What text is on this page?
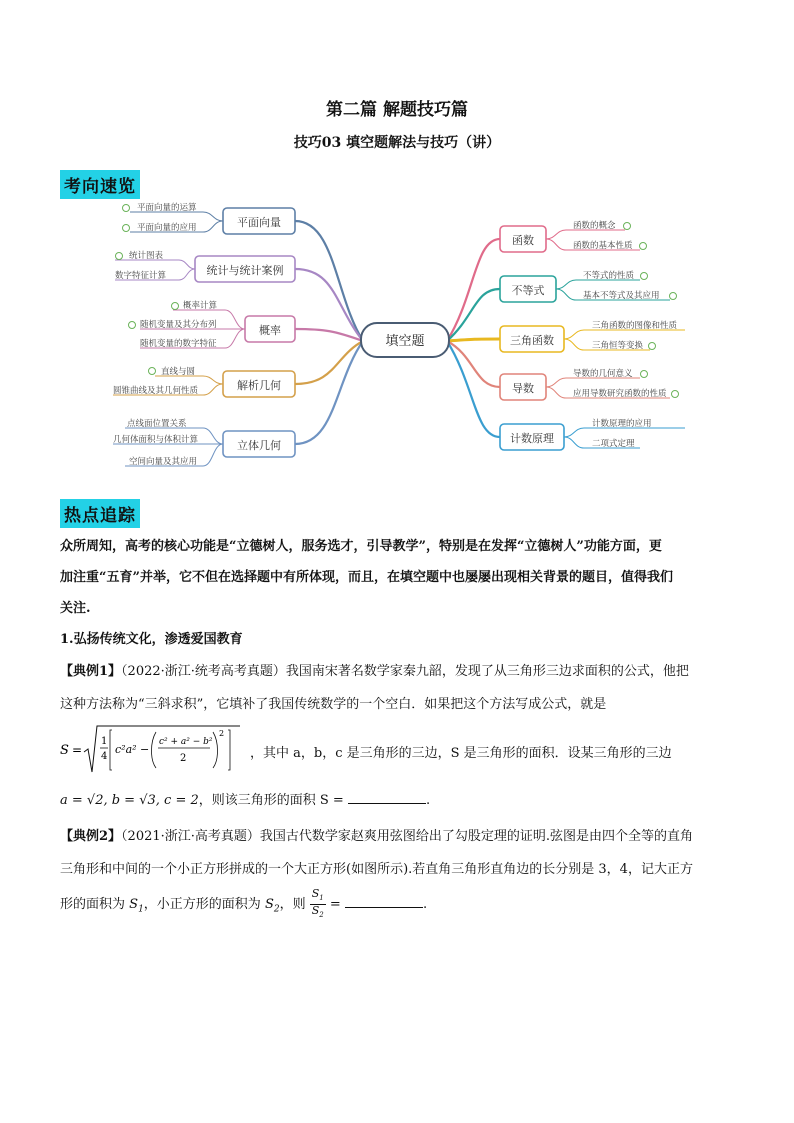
第二篇 解题技巧篇
技巧03 填空题解法与技巧（讲）
考向速览
填空题
平面向量
平面向量的运算
平面向量的应用
统计与统计案例
统计图表
数字特征计算
概率
概率计算
随机变量及其分布列
随机变量的数字特征
解析几何
直线与圆
圆锥曲线及其几何性质
立体几何
点线面位置关系
几何体面积与体积计算
空间向量及其应用
函数
函数的概念
函数的基本性质
不等式
不等式的性质
基本不等式及其应用
三角函数
三角函数的图像和性质
三角恒等变换
导数
导数的几何意义
应用导数研究函数的性质
计数原理
计数原理的应用
二项式定理
热点追踪
众所周知，高考的核心功能是“立德树人，服务选才，引导教学”，特别是在发挥“立德树人”功能方面，更
加注重“五育”并举，它不但在选择题中有所体现，而且，在填空题中也屡屡出现相关背景的题目，值得我们
关注.
1.弘扬传统文化，渗透爱国教育
【典例1】（2022·浙江·统考高考真题）我国南宋著名数学家秦九韶，发现了从三角形三边求面积的公式，他把
这种方法称为“三斜求积”，它填补了我国传统数学的一个空白．如果把这个方法写成公式，就是
S =
1
4
c²a² −
c² + a² − b²
2
2
，其中 a，b，c 是三角形的三边，S 是三角形的面积．设某三角形的三边
a = √2, b = √3, c = 2，则该三角形的面积 S =	.
【典例2】（2021·浙江·高考真题）我国古代数学家赵爽用弦图给出了勾股定理的证明.弦图是由四个全等的直角
三角形和中间的一个小正方形拼成的一个大正方形(如图所示).若直角三角形直角边的长分别是 3，4，记大正方
形的面积为 $S_1$，小正方形的面积为 $S_2$，则 $\frac{S_1}{S_2}$ =	.
